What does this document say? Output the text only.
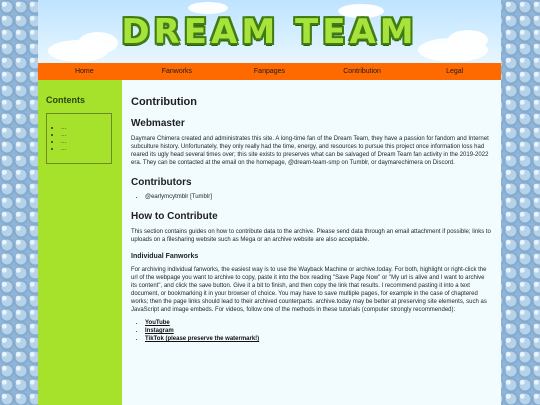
DREAM TEAM
Home	Fanworks	Fanpages	Contribution	Legal
Contents
• ...
• ...
• ...
• ...
Contribution
Webmaster

Daymare Chimera created and administrates this site. A long-time fan of the Dream Team, they have a passion for fandom and Internet subculture history. Unfortunately, they only really had the time, energy, and resources to pursue this project once information loss had reared its ugly head several times over; this site exists to preserves what can be salvaged of Dream Team fan activity in the 2019-2022 era. They can be contacted at the email on the homepage, @dream-team-smp on Tumblr, or daymarechimera on Discord.

Contributors
• @earlymcytmblr [Tumblr]
How to Contribute

This section contains guides on how to contribute data to the archive. Please send data through an email attachment if possible; links to uploads on a filesharing website such as Mega or an archive website are also acceptable.

Individual Fanworks

For archiving individual fanworks, the easiest way is to use the Wayback Machine or archive.today. For both, highlight or right-click the url of the webpage you want to archive to copy, paste it into the box reading "Save Page Now" or "My url is alive and I want to archive its content", and click the save button. Give it a bit to finish, and then copy the link that results. I recommend pasting it into a text document, or bookmarking it in your browser of choice. You may have to save multiple pages, for example in the case of chaptered works; then the page links should lead to their archived counterparts. archive.today may be better at preserving site elements, such as JavaScript and image embeds. For videos, follow one of the methods in these tutorials (computer strongly recommended):

• YouTube
• Instagram
• TikTok (please preserve the watermark!)
